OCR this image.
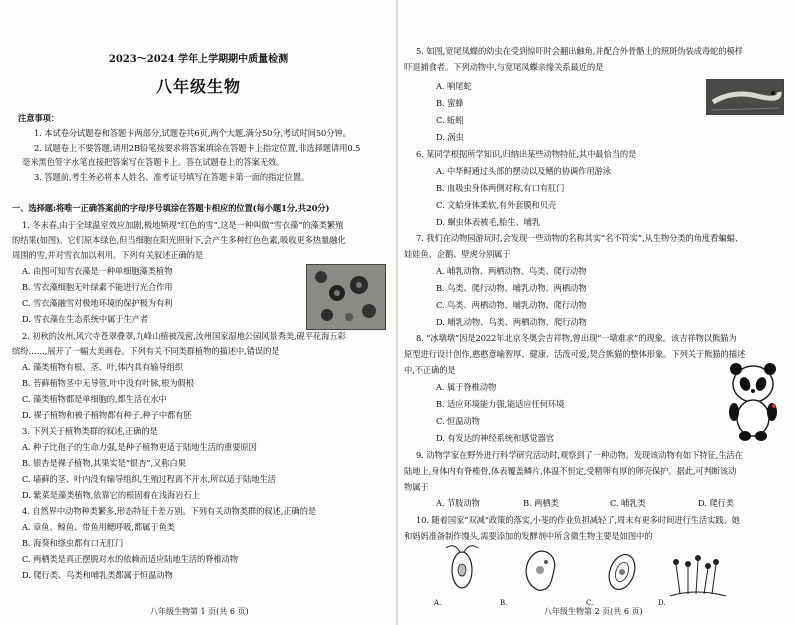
2023～2024 学年上学期期中质量检测
八年级生物
注意事项：
1. 本试卷分试题卷和答题卡两部分,试题卷共6页,两个大题,满分50分,考试时间50分钟。
2. 试题卷上不要答题,请用2B铅笔按要求将答案填涂在答题卡上指定位置,非选择题请用0.5
毫米黑色签字水笔直接把答案写在答题卡上。答在试题卷上的答案无效。
3. 答题前,考生务必将本人姓名、准考证号填写在答题卡第一面的指定位置。
一、选择题:将唯一正确答案前的字母序号填涂在答题卡相应的位置(每小题1分,共20分)
1. 冬末春,由于全球温室效应加剧,极地频现“红色的雪”,这是一种叫做“雪衣藻”的藻类繁殖
的结果(如图)。它们原本绿色,但当细胞在阳光照射下,会产生多种红色色素,吸收更多热量融化
周围的雪,并对雪衣加以利用。下列有关叙述正确的是
A. 由图可知雪衣藻是一种单细胞藻类植物
B. 雪衣藻细胞无叶绿素不能进行光合作用
C. 雪衣藻融雪对极地环境的保护极为有利
D. 雪衣藻在生态系统中属于生产者
2. 初秋的汝州,风穴寺苍翠叠翠,九峰山植被茂密,汝州国家湿地公园风景秀美,砚平花海五彩
缤纷……,展开了一幅大美画卷。下列有关不同类群植物的描述中,错误的是
A. 藻类植物有根、茎、叶,体内具有输导组织
B. 苔藓植物茎中无导管,叶中没有叶脉,根为假根
C. 藻类植物都是单细胞的,都生活在水中
D. 裸子植物和被子植物都有种子,种子中都有胚
3. 下列关于植物类群的叙述,正确的是
A. 种子比孢子的生命力强,是种子植物更适于陆地生活的重要原因
B. 银杏是裸子植物,其果实是“银杏”,又称白果
C. 墙藓的茎、叶内没有输导组织,生殖过程离不开水,所以适于陆地生活
D. 紫菜是藻类植物,依靠它的根固着在浅海岩石上
4. 自然界中动物种类繁多,形态特征千差万别。下列有关动物类群的叙述,正确的是
A. 章鱼、鲸鱼、带鱼用鳃呼吸,都属于鱼类
B. 海葵和绦虫都有口无肛门
C. 两栖类是真正摆脱对水的依赖而适应陆地生活的脊椎动物
D. 爬行类、鸟类和哺乳类都属于恒温动物
八年级生物第 1 页(共 6 页)
5. 如图,宽尾凤蝶的幼虫在受到惊吓时会翻出触角,并配合外骨骼上的照斑伪装成毒蛇的模样
吓退捕食者。下列动物中,与宽尾凤蝶亲缘关系最近的是
A. 响尾蛇
B. 蜜蜂
C. 蚯蚓
D. 涡虫
6. 某同学根据所学知识,归纳出某些动物特征,其中最恰当的是
A. 中华鲟通过头部的摆动以及鳍的协调作用游泳
B. 血吸虫身体两侧对称,有口有肛门
C. 文蛤身体柔软,有外套膜和贝壳
D. 蛔虫体表被毛,胎生、哺乳
7. 我们在动物园游玩时,会发现一些动物的名称其实“名不符实”,从生物分类的角度看蝙蝠、
娃娃鱼、企鹅、壁虎分别属于
A. 哺乳动物、两栖动物、鸟类、爬行动物
B. 鸟类、爬行动物、哺乳动物、两栖动物
C. 鸟类、两栖动物、哺乳动物、爬行动物
D. 哺乳动物、鸟类、两栖动物、爬行动物
8. “冰墩墩”因是2022年北京冬奥会吉祥物,曾出现“一墩难求”的现象。该吉祥物以熊猫为
原型进行设计创作,憨憨意喻智厚、健康、活泼可爱,契合熊猫的整体形象。下列关于熊猫的描述
中,不正确的是
A. 属于脊椎动物
B. 适应环境能力强,能适应任何环境
C. 恒温动物
D. 有发达的神经系统和感觉器官
9. 动物学家在野外进行科学研究活动时,观察到了一种动物。发现该动物有如下特征,生活在
陆地上,身体内有脊椎骨,体表覆盖鳞片,体温不恒定,受精卵有厚的卵壳保护。据此,可判断该动
物属于
A. 节肢动物	B. 两栖类	C. 哺乳类	D. 爬行类
10. 随着国家“双减”政策的落实,小斐的作业负担减轻了,周末有更多时间进行生活实践。她
和妈妈准备制作馒头,需要添加的发酵剂中所含微生物主要是如图中的
A.	B.	C.	D.
八年级生物第 2 页(共 6 页)
